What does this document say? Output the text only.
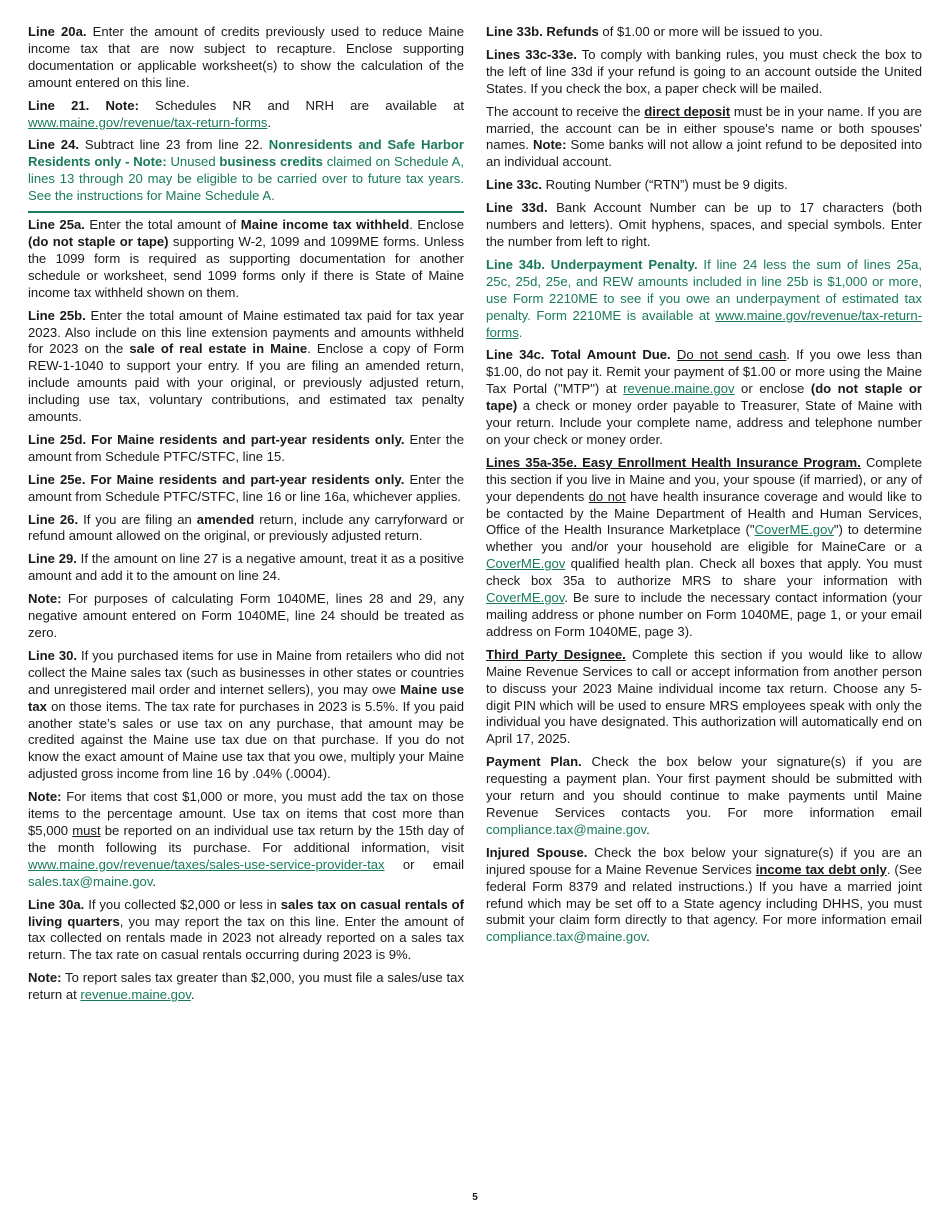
Line 20a. Enter the amount of credits previously used to reduce Maine income tax that are now subject to recapture. Enclose supporting documentation or applicable worksheet(s) to show the calculation of the amount entered on this line.

Line 21. Note: Schedules NR and NRH are available at www.maine.gov/revenue/tax-return-forms.

Line 24. Subtract line 23 from line 22. Nonresidents and Safe Harbor Residents only - Note: Unused business credits claimed on Schedule A, lines 13 through 20 may be eligible to be carried over to future tax years. See the instructions for Maine Schedule A.

Line 25a. Enter the total amount of Maine income tax withheld. Enclose (do not staple or tape) supporting W-2, 1099 and 1099ME forms. Unless the 1099 form is required as supporting documentation for another schedule or worksheet, send 1099 forms only if there is State of Maine income tax withheld shown on them.

Line 25b. Enter the total amount of Maine estimated tax paid for tax year 2023. Also include on this line extension payments and amounts withheld for 2023 on the sale of real estate in Maine. Enclose a copy of Form REW-1-1040 to support your entry. If you are filing an amended return, include amounts paid with your original, or previously adjusted return, including use tax, voluntary contributions, and estimated tax penalty amounts.

Line 25d. For Maine residents and part-year residents only. Enter the amount from Schedule PTFC/STFC, line 15.

Line 25e. For Maine residents and part-year residents only. Enter the amount from Schedule PTFC/STFC, line 16 or line 16a, whichever applies.

Line 26. If you are filing an amended return, include any carryforward or refund amount allowed on the original, or previously adjusted return.

Line 29. If the amount on line 27 is a negative amount, treat it as a positive amount and add it to the amount on line 24.

Note: For purposes of calculating Form 1040ME, lines 28 and 29, any negative amount entered on Form 1040ME, line 24 should be treated as zero.

Line 30. If you purchased items for use in Maine from retailers who did not collect the Maine sales tax (such as businesses in other states or countries and unregistered mail order and internet sellers), you may owe Maine use tax on those items. The tax rate for purchases in 2023 is 5.5%. If you paid another state’s sales or use tax on any purchase, that amount may be credited against the Maine use tax due on that purchase. If you do not know the exact amount of Maine use tax that you owe, multiply your Maine adjusted gross income from line 16 by .04% (.0004).

Note: For items that cost $1,000 or more, you must add the tax on those items to the percentage amount. Use tax on items that cost more than $5,000 must be reported on an individual use tax return by the 15th day of the month following its purchase. For additional information, visit www.maine.gov/revenue/taxes/sales-use-service-provider-tax or email sales.tax@maine.gov.

Line 30a. If you collected $2,000 or less in sales tax on casual rentals of living quarters, you may report the tax on this line. Enter the amount of tax collected on rentals made in 2023 not already reported on a sales tax return. The tax rate on casual rentals occurring during 2023 is 9%.

Note: To report sales tax greater than $2,000, you must file a sales/use tax return at revenue.maine.gov.

Line 33b. Refunds of $1.00 or more will be issued to you.

Lines 33c-33e. To comply with banking rules, you must check the box to the left of line 33d if your refund is going to an account outside the United States. If you check the box, a paper check will be mailed.

The account to receive the direct deposit must be in your name. If you are married, the account can be in either spouse's name or both spouses' names. Note: Some banks will not allow a joint refund to be deposited into an individual account.

Line 33c. Routing Number (“RTN”) must be 9 digits.

Line 33d. Bank Account Number can be up to 17 characters (both numbers and letters). Omit hyphens, spaces, and special symbols. Enter the number from left to right.

Line 34b. Underpayment Penalty. If line 24 less the sum of lines 25a, 25c, 25d, 25e, and REW amounts included in line 25b is $1,000 or more, use Form 2210ME to see if you owe an underpayment of estimated tax penalty. Form 2210ME is available at www.maine.gov/revenue/tax-return-forms.

Line 34c. Total Amount Due. Do not send cash. If you owe less than $1.00, do not pay it. Remit your payment of $1.00 or more using the Maine Tax Portal ("MTP") at revenue.maine.gov or enclose (do not staple or tape) a check or money order payable to Treasurer, State of Maine with your return. Include your complete name, address and telephone number on your check or money order.

Lines 35a-35e. Easy Enrollment Health Insurance Program. Complete this section if you live in Maine and you, your spouse (if married), or any of your dependents do not have health insurance coverage and would like to be contacted by the Maine Department of Health and Human Services, Office of the Health Insurance Marketplace ("CoverME.gov") to determine whether you and/or your household are eligible for MaineCare or a CoverME.gov qualified health plan. Check all boxes that apply. You must check box 35a to authorize MRS to share your information with CoverME.gov. Be sure to include the necessary contact information (your mailing address or phone number on Form 1040ME, page 1, or your email address on Form 1040ME, page 3).

Third Party Designee. Complete this section if you would like to allow Maine Revenue Services to call or accept information from another person to discuss your 2023 Maine individual income tax return. Choose any 5-digit PIN which will be used to ensure MRS employees speak with only the individual you have designated. This authorization will automatically end on April 17, 2025.

Payment Plan. Check the box below your signature(s) if you are requesting a payment plan. Your first payment should be submitted with your return and you should continue to make payments until Maine Revenue Services contacts you. For more information email compliance.tax@maine.gov.

Injured Spouse. Check the box below your signature(s) if you are an injured spouse for a Maine Revenue Services income tax debt only. (See federal Form 8379 and related instructions.) If you have a married joint refund which may be set off to a State agency including DHHS, you must submit your claim form directly to that agency. For more information email compliance.tax@maine.gov.

5
